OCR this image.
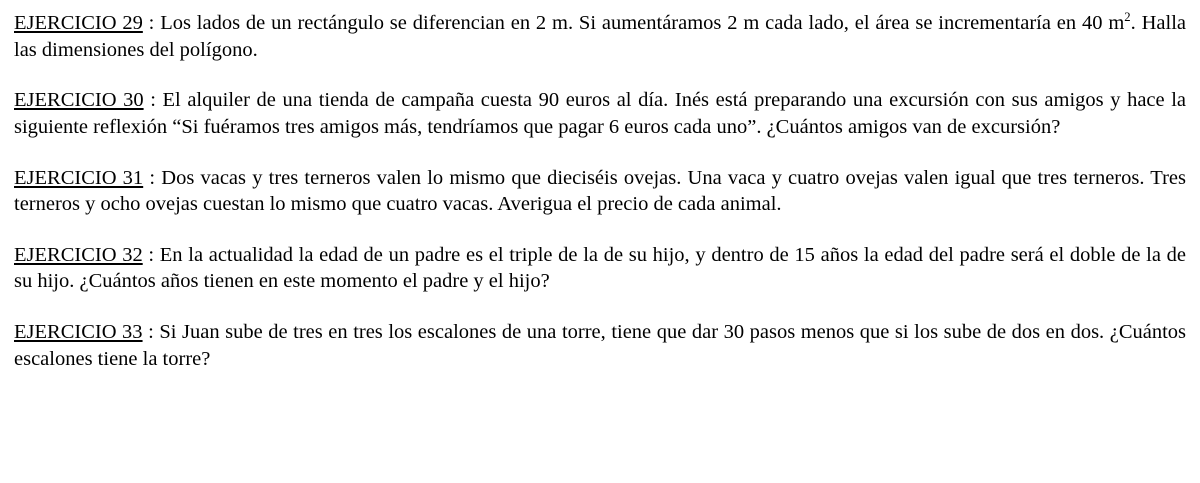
EJERCICIO 29 : Los lados de un rectángulo se diferencian en 2 m. Si aumentáramos 2 m cada lado, el área se incrementaría en 40 $m^2$. Halla las dimensiones del polígono.

EJERCICIO 30 : El alquiler de una tienda de campaña cuesta 90 euros al día. Inés está preparando una excursión con sus amigos y hace la siguiente reflexión “Si fuéramos tres amigos más, tendríamos que pagar 6 euros cada uno”. ¿Cuántos amigos van de excursión?

EJERCICIO 31 : Dos vacas y tres terneros valen lo mismo que dieciséis ovejas. Una vaca y cuatro ovejas valen igual que tres terneros. Tres terneros y ocho ovejas cuestan lo mismo que cuatro vacas. Averigua el precio de cada animal.

EJERCICIO 32 : En la actualidad la edad de un padre es el triple de la de su hijo, y dentro de 15 años la edad del padre será el doble de la de su hijo. ¿Cuántos años tienen en este momento el padre y el hijo?

EJERCICIO 33 : Si Juan sube de tres en tres los escalones de una torre, tiene que dar 30 pasos menos que si los sube de dos en dos. ¿Cuántos escalones tiene la torre?
